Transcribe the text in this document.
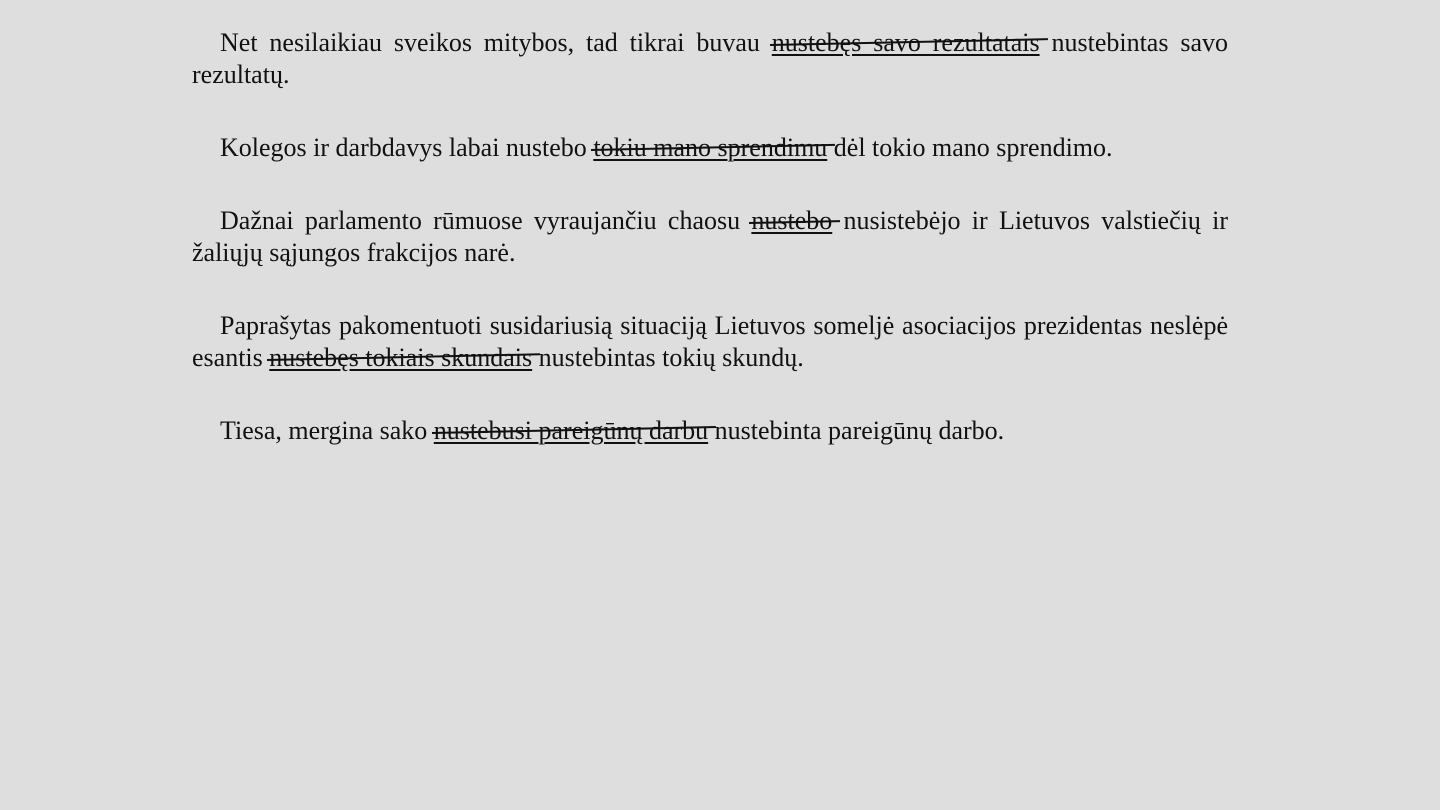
Net nesilaikiau sveikos mitybos, tad tikrai buvau nustebęs savo rezultatais
nustebintas savo rezultatų.

Kolegos ir darbdavys labai nustebo tokiu mano sprendimu
dėl tokio mano sprendimo.

Dažnai parlamento rūmuose vyraujančiu chaosu nustebo
nusistebėjo ir Lietuvos valstiečių ir žaliųjų sąjungos frakcijos narė.

Paprašytas pakomentuoti susidariusią situaciją Lietuvos someljė asociacijos prezidentas neslėpė esantis nustebęs tokiais skundais
nustebintas tokių skundų.

Tiesa, mergina sako nustebusi pareigūnų darbu
nustebinta pareigūnų darbo.
